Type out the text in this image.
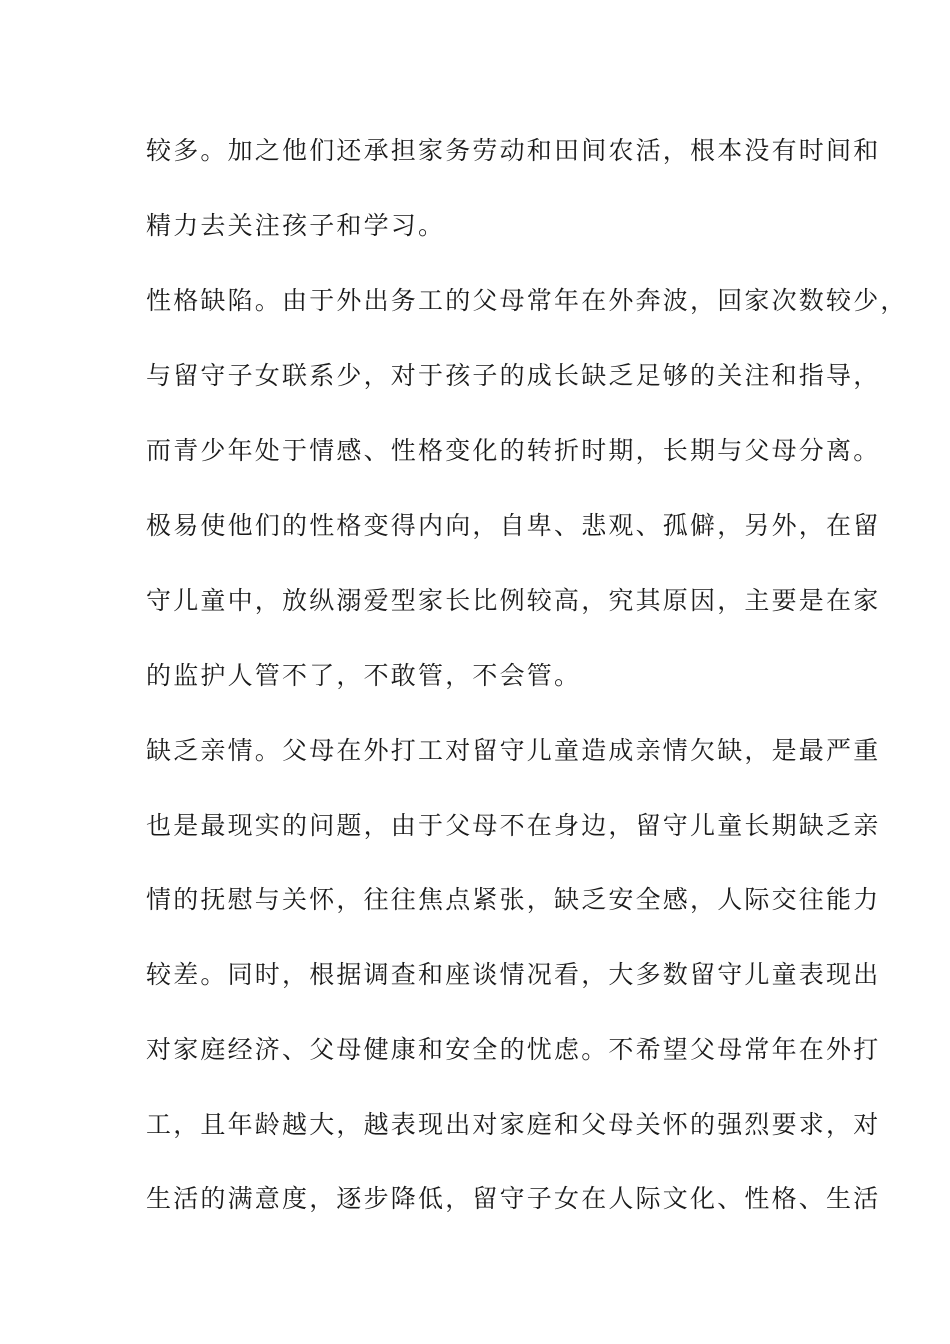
较多。加之他们还承担家务劳动和田间农活，根本没有时间和
精力去关注孩子和学习。
性格缺陷。由于外出务工的父母常年在外奔波，回家次数较少，
与留守子女联系少，对于孩子的成长缺乏足够的关注和指导，
而青少年处于情感、性格变化的转折时期，长期与父母分离。
极易使他们的性格变得内向，自卑、悲观、孤僻，另外，在留
守儿童中，放纵溺爱型家长比例较高，究其原因，主要是在家
的监护人管不了，不敢管，不会管。
缺乏亲情。父母在外打工对留守儿童造成亲情欠缺，是最严重
也是最现实的问题，由于父母不在身边，留守儿童长期缺乏亲
情的抚慰与关怀，往往焦点紧张，缺乏安全感，人际交往能力
较差。同时，根据调查和座谈情况看，大多数留守儿童表现出
对家庭经济、父母健康和安全的忧虑。不希望父母常年在外打
工，且年龄越大，越表现出对家庭和父母关怀的强烈要求，对
生活的满意度，逐步降低，留守子女在人际文化、性格、生活
